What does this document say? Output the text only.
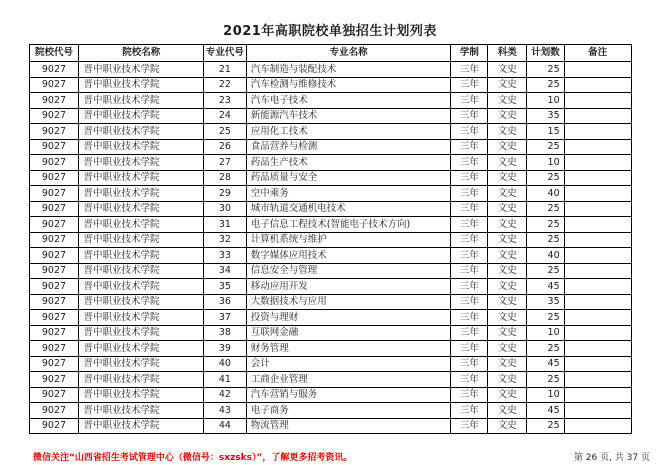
2021年高职院校单独招生计划列表
院校代号	院校名称	专业代号	专业名称	学制	科类	计划数	备注
9027	晋中职业技术学院	21	汽车制造与装配技术	三年	文史	25	
9027	晋中职业技术学院	22	汽车检测与维修技术	三年	文史	25	
9027	晋中职业技术学院	23	汽车电子技术	三年	文史	10	
9027	晋中职业技术学院	24	新能源汽车技术	三年	文史	35	
9027	晋中职业技术学院	25	应用化工技术	三年	文史	15	
9027	晋中职业技术学院	26	食品营养与检测	三年	文史	25	
9027	晋中职业技术学院	27	药品生产技术	三年	文史	10	
9027	晋中职业技术学院	28	药品质量与安全	三年	文史	25	
9027	晋中职业技术学院	29	空中乘务	三年	文史	40	
9027	晋中职业技术学院	30	城市轨道交通机电技术	三年	文史	25	
9027	晋中职业技术学院	31	电子信息工程技术(智能电子技术方向)	三年	文史	25	
9027	晋中职业技术学院	32	计算机系统与维护	三年	文史	25	
9027	晋中职业技术学院	33	数字媒体应用技术	三年	文史	40	
9027	晋中职业技术学院	34	信息安全与管理	三年	文史	25	
9027	晋中职业技术学院	35	移动应用开发	三年	文史	45	
9027	晋中职业技术学院	36	大数据技术与应用	三年	文史	35	
9027	晋中职业技术学院	37	投资与理财	三年	文史	25	
9027	晋中职业技术学院	38	互联网金融	三年	文史	10	
9027	晋中职业技术学院	39	财务管理	三年	文史	25	
9027	晋中职业技术学院	40	会计	三年	文史	45	
9027	晋中职业技术学院	41	工商企业管理	三年	文史	25	
9027	晋中职业技术学院	42	汽车营销与服务	三年	文史	10	
9027	晋中职业技术学院	43	电子商务	三年	文史	45	
9027	晋中职业技术学院	44	物流管理	三年	文史	25	
微信关注“山西省招生考试管理中心（微信号：sxzsks）”，了解更多招考资讯。	第 26 页, 共 37 页
